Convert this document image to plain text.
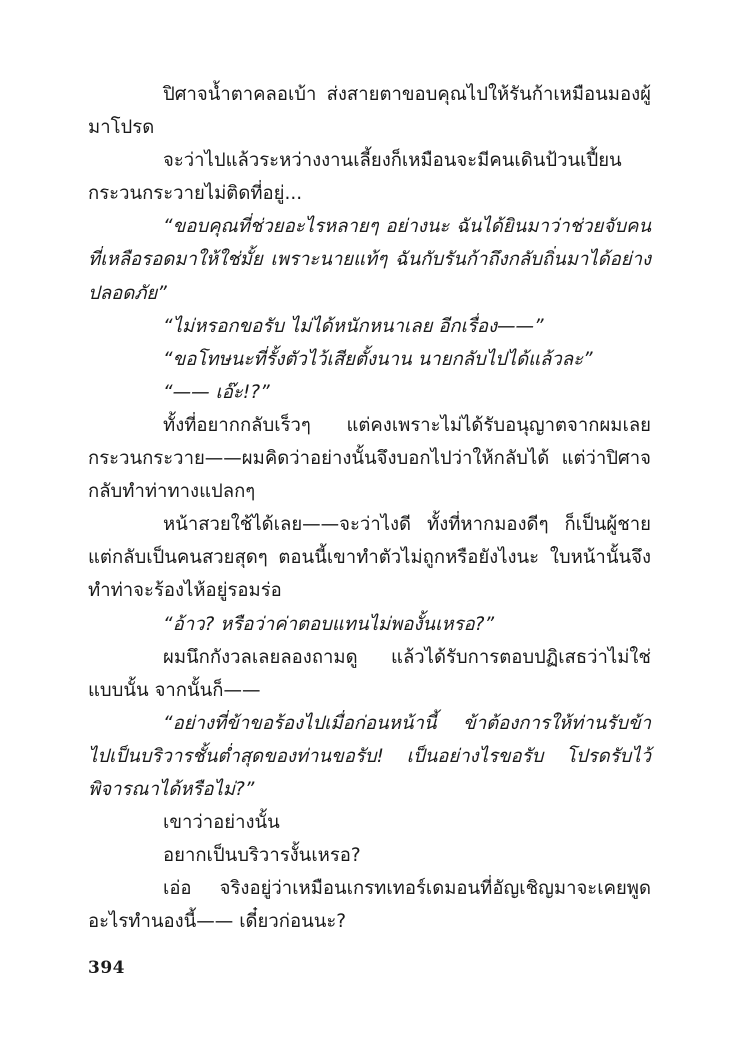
ปิศาจน้ำตาคลอเบ้า ส่งสายตาขอบคุณไปให้รันก้าเหมือนมองผู้มาโปรด

จะว่าไปแล้วระหว่างงานเลี้ยงก็เหมือนจะมีคนเดินป้วนเปี้ยนกระวนกระวายไม่ติดที่อยู่...

“ขอบคุณที่ช่วยอะไรหลายๆ อย่างนะ ฉันได้ยินมาว่าช่วยจับคนที่เหลือรอดมาให้ใช่มั้ย เพราะนายแท้ๆ ฉันกับรันก้าถึงกลับถิ่นมาได้อย่างปลอดภัย”

“ไม่หรอกขอรับ ไม่ได้หนักหนาเลย อีกเรื่อง——”

“ขอโทษนะที่รั้งตัวไว้เสียตั้งนาน นายกลับไปได้แล้วละ”

“—— เอ๊ะ!?”

ทั้งที่อยากกลับเร็วๆ แต่คงเพราะไม่ได้รับอนุญาตจากผมเลยกระวนกระวาย——ผมคิดว่าอย่างนั้นจึงบอกไปว่าให้กลับได้ แต่ว่าปิศาจกลับทำท่าทางแปลกๆ

หน้าสวยใช้ได้เลย——จะว่าไงดี ทั้งที่หากมองดีๆ ก็เป็นผู้ชายแต่กลับเป็นคนสวยสุดๆ ตอนนี้เขาทำตัวไม่ถูกหรือยังไงนะ ใบหน้านั้นจึงทำท่าจะร้องไห้อยู่รอมร่อ

“อ้าว? หรือว่าค่าตอบแทนไม่พองั้นเหรอ?”

ผมนึกกังวลเลยลองถามดู แล้วได้รับการตอบปฏิเสธว่าไม่ใช่แบบนั้น จากนั้นก็——

“อย่างที่ข้าขอร้องไปเมื่อก่อนหน้านี้ ข้าต้องการให้ท่านรับข้าไปเป็นบริวารชั้นต่ำสุดของท่านขอรับ! เป็นอย่างไรขอรับ โปรดรับไว้พิจารณาได้หรือไม่?”

เขาว่าอย่างนั้น

อยากเป็นบริวารงั้นเหรอ?

เอ่อ จริงอยู่ว่าเหมือนเกรทเทอร์เดมอนที่อัญเชิญมาจะเคยพูดอะไรทำนองนี้—— เดี๋ยวก่อนนะ?

394
